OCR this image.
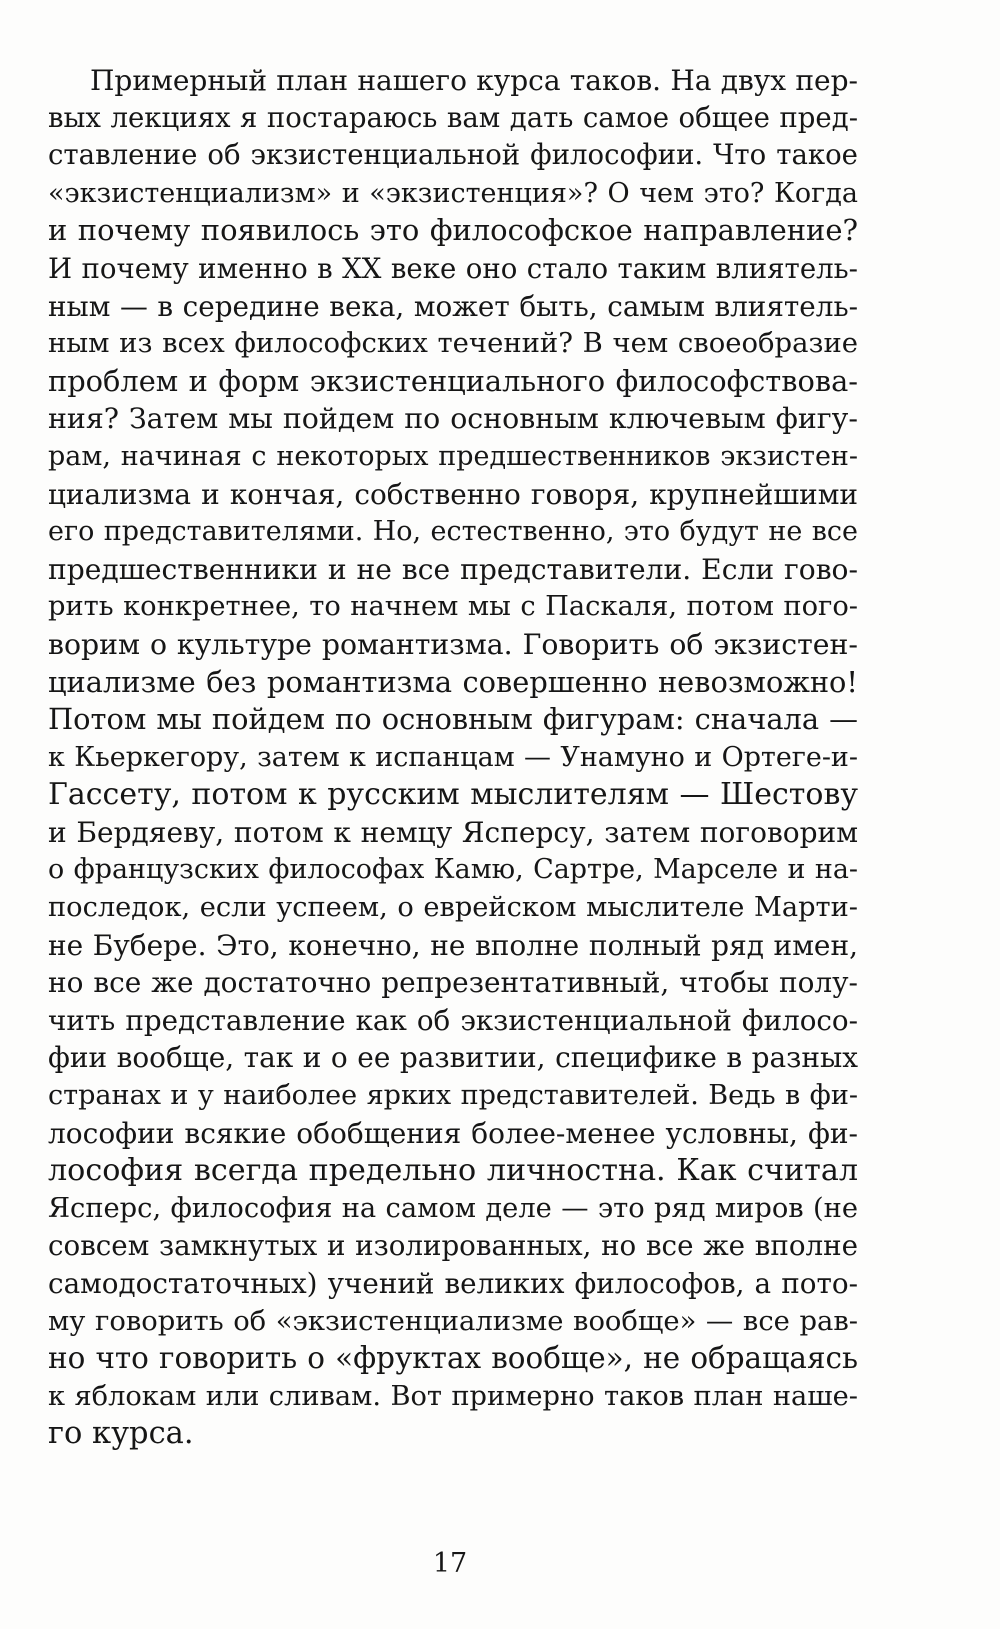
Примерный план нашего курса таков. На двух пер-
вых лекциях я постараюсь вам дать самое общее пред-
ставление об экзистенциальной философии. Что такое
«экзистенциализм» и «экзистенция»? О чем это? Когда
и почему появилось это философское направление?
И почему именно в XX веке оно стало таким влиятель-
ным — в середине века, может быть, самым влиятель-
ным из всех философских течений? В чем своеобразие
проблем и форм экзистенциального философствова-
ния? Затем мы пойдем по основным ключевым фигу-
рам, начиная с некоторых предшественников экзистен-
циализма и кончая, собственно говоря, крупнейшими
его представителями. Но, естественно, это будут не все
предшественники и не все представители. Если гово-
рить конкретнее, то начнем мы с Паскаля, потом пого-
ворим о культуре романтизма. Говорить об экзистен-
циализме без романтизма совершенно невозможно!
Потом мы пойдем по основным фигурам: сначала —
к Кьеркегору, затем к испанцам — Унамуно и Ортеге-и-
Гассету, потом к русским мыслителям — Шестову
и Бердяеву, потом к немцу Ясперсу, затем поговорим
о французских философах Камю, Сартре, Марселе и на-
последок, если успеем, о еврейском мыслителе Марти-
не Бубере. Это, конечно, не вполне полный ряд имен,
но все же достаточно репрезентативный, чтобы полу-
чить представление как об экзистенциальной филосо-
фии вообще, так и о ее развитии, специфике в разных
странах и у наиболее ярких представителей. Ведь в фи-
лософии всякие обобщения более-менее условны, фи-
лософия всегда предельно личностна. Как считал
Ясперс, философия на самом деле — это ряд миров (не
совсем замкнутых и изолированных, но все же вполне
самодостаточных) учений великих философов, а пото-
му говорить об «экзистенциализме вообще» — все рав-
но что говорить о «фруктах вообще», не обращаясь
к яблокам или сливам. Вот примерно таков план наше-
го курса.
17
